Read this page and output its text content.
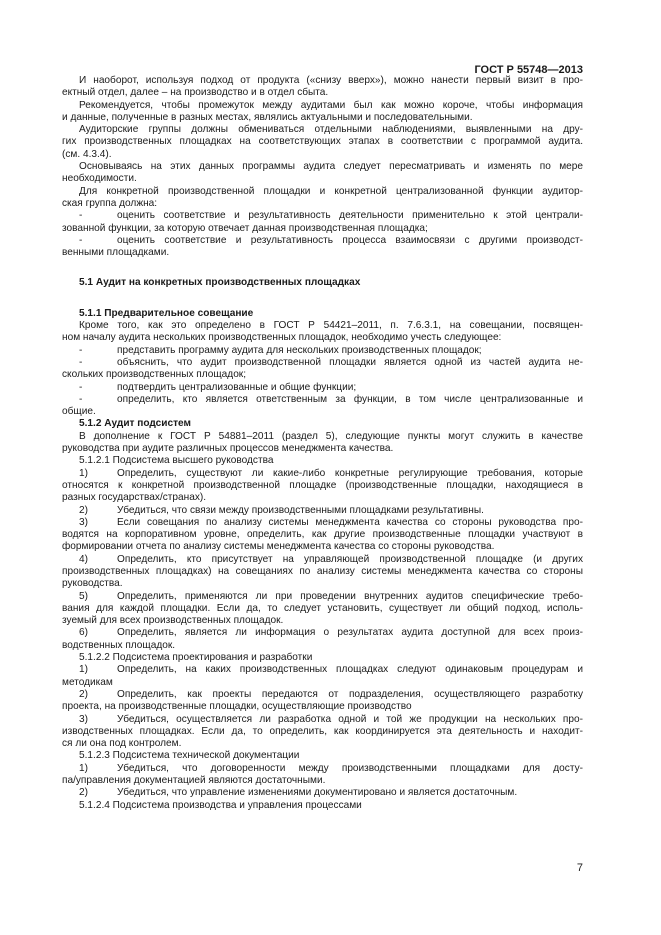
ГОСТ Р 55748—2013
И наоборот, используя подход от продукта («снизу вверх»), можно нанести первый визит в про-
ектный отдел, далее – на производство и в отдел сбыта.
Рекомендуется, чтобы промежуток между аудитами был как можно короче, чтобы информация
и данные, полученные в разных местах, являлись актуальными и последовательными.
Аудиторские группы должны обмениваться отдельными наблюдениями, выявленными на дру-
гих производственных площадках на соответствующих этапах в соответствии с программой аудита.
(см. 4.3.4).
Основываясь на этих данных программы аудита следует пересматривать и изменять по мере
необходимости.
Для конкретной производственной площадки и конкретной централизованной функции аудитор-
ская группа должна:
-	оценить соответствие и результативность деятельности применительно к этой централи-
зованной функции, за которую отвечает данная производственная площадка;
-	оценить соответствие и результативность процесса взаимосвязи с другими производст-
венными площадками.
5.1 Аудит на конкретных производственных площадках
5.1.1 Предварительное совещание
Кроме того, как это определено в ГОСТ Р 54421–2011, п. 7.6.3.1, на совещании, посвящен-
ном началу аудита нескольких производственных площадок, необходимо учесть следующее:
-	представить программу аудита для нескольких производственных площадок;
-	объяснить, что аудит производственной площадки является одной из частей аудита не-
скольких производственных площадок;
-	подтвердить централизованные и общие функции;
-	определить, кто является ответственным за функции, в том числе централизованные и
общие.
5.1.2 Аудит подсистем
В дополнение к ГОСТ Р 54881–2011 (раздел 5), следующие пункты могут служить в качестве
руководства при аудите различных процессов менеджмента качества.
5.1.2.1 Подсистема высшего руководства
1)	Определить, существуют ли какие-либо конкретные регулирующие требования, которые
относятся к конкретной производственной площадке (производственные площадки, находящиеся в
разных государствах/странах).
2)	Убедиться, что связи между производственными площадками результативны.
3)	Если совещания по анализу системы менеджмента качества со стороны руководства про-
водятся на корпоративном уровне, определить, как другие производственные площадки участвуют в
формировании отчета по анализу системы менеджмента качества со стороны руководства.
4)	Определить, кто присутствует на управляющей производственной площадке (и других
производственных площадках) на совещаниях по анализу системы менеджмента качества со стороны
руководства.
5)	Определить, применяются ли при проведении внутренних аудитов специфические требо-
вания для каждой площадки. Если да, то следует установить, существует ли общий подход, исполь-
зуемый для всех производственных площадок.
6)	Определить, является ли информация о результатах аудита доступной для всех произ-
водственных площадок.
5.1.2.2 Подсистема проектирования и разработки
1)	Определить, на каких производственных площадках следуют одинаковым процедурам и
методикам
2)	Определить, как проекты передаются от подразделения, осуществляющего разработку
проекта, на производственные площадки, осуществляющие производство
3)	Убедиться, осуществляется ли разработка одной и той же продукции на нескольких про-
изводственных площадках. Если да, то определить, как координируется эта деятельность и находит-
ся ли она под контролем.
5.1.2.3 Подсистема технической документации
1)	Убедиться, что договоренности между производственными площадками для досту-
па/управления документацией являются достаточными.
2)	Убедиться, что управление изменениями документировано и является достаточным.
5.1.2.4 Подсистема производства и управления процессами
7
